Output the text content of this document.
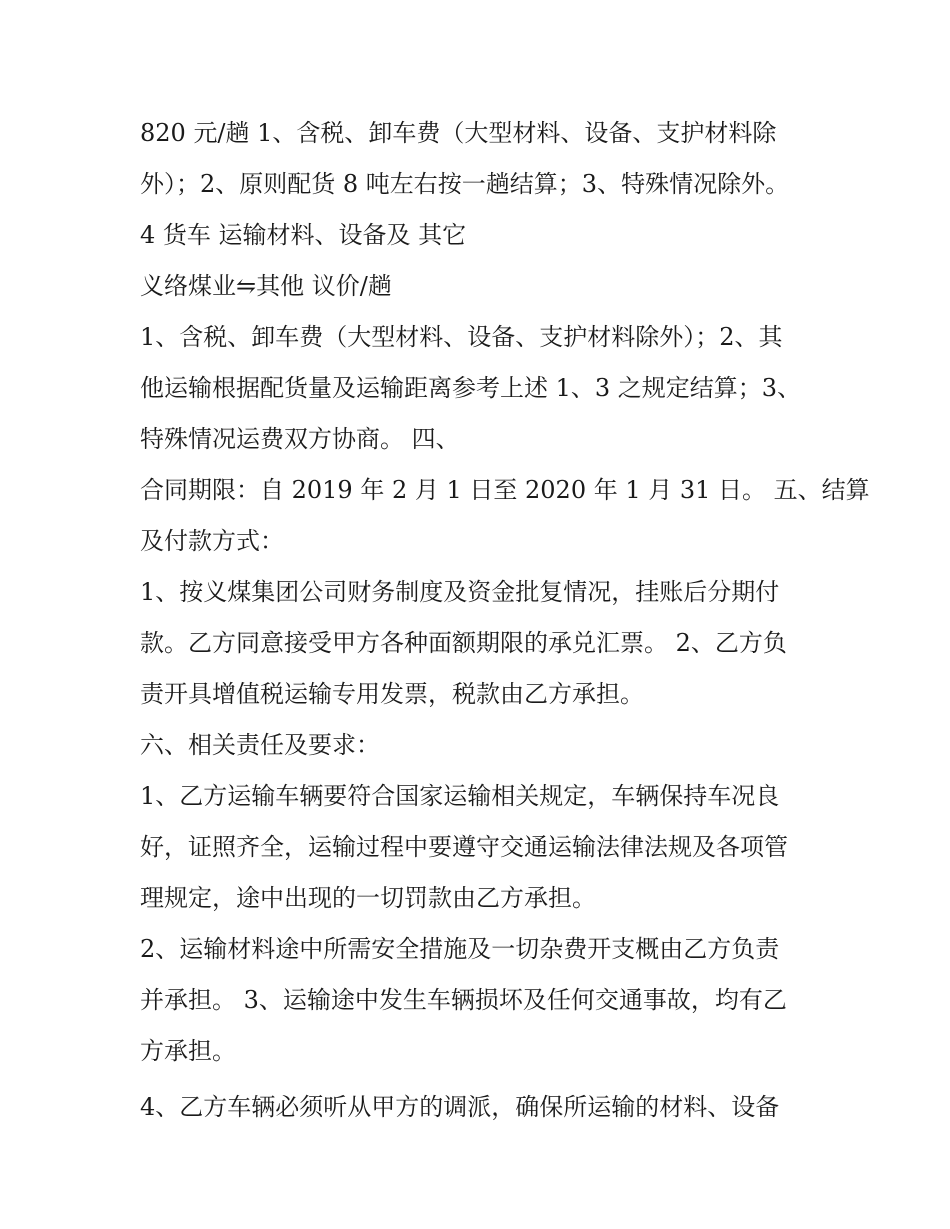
820 元/趟 1、含税、卸车费（大型材料、设备、支护材料除
外）；2、原则配货 8 吨左右按一趟结算；3、特殊情况除外。
4 货车 运输材料、设备及 其它
义络煤业⇋其他 议价/趟
1、含税、卸车费（大型材料、设备、支护材料除外）；2、其
他运输根据配货量及运输距离参考上述 1、3 之规定结算；3、
特殊情况运费双方协商。 四、
合同期限：自 2019 年 2 月 1 日至 2020 年 1 月 31 日。 五、结算
及付款方式：
1、按义煤集团公司财务制度及资金批复情况，挂账后分期付
款。乙方同意接受甲方各种面额期限的承兑汇票。 2、乙方负
责开具增值税运输专用发票，税款由乙方承担。
六、相关责任及要求：
1、乙方运输车辆要符合国家运输相关规定，车辆保持车况良
好，证照齐全，运输过程中要遵守交通运输法律法规及各项管
理规定，途中出现的一切罚款由乙方承担。
2、运输材料途中所需安全措施及一切杂费开支概由乙方负责
并承担。 3、运输途中发生车辆损坏及任何交通事故，均有乙
方承担。
4、乙方车辆必须听从甲方的调派，确保所运输的材料、设备
